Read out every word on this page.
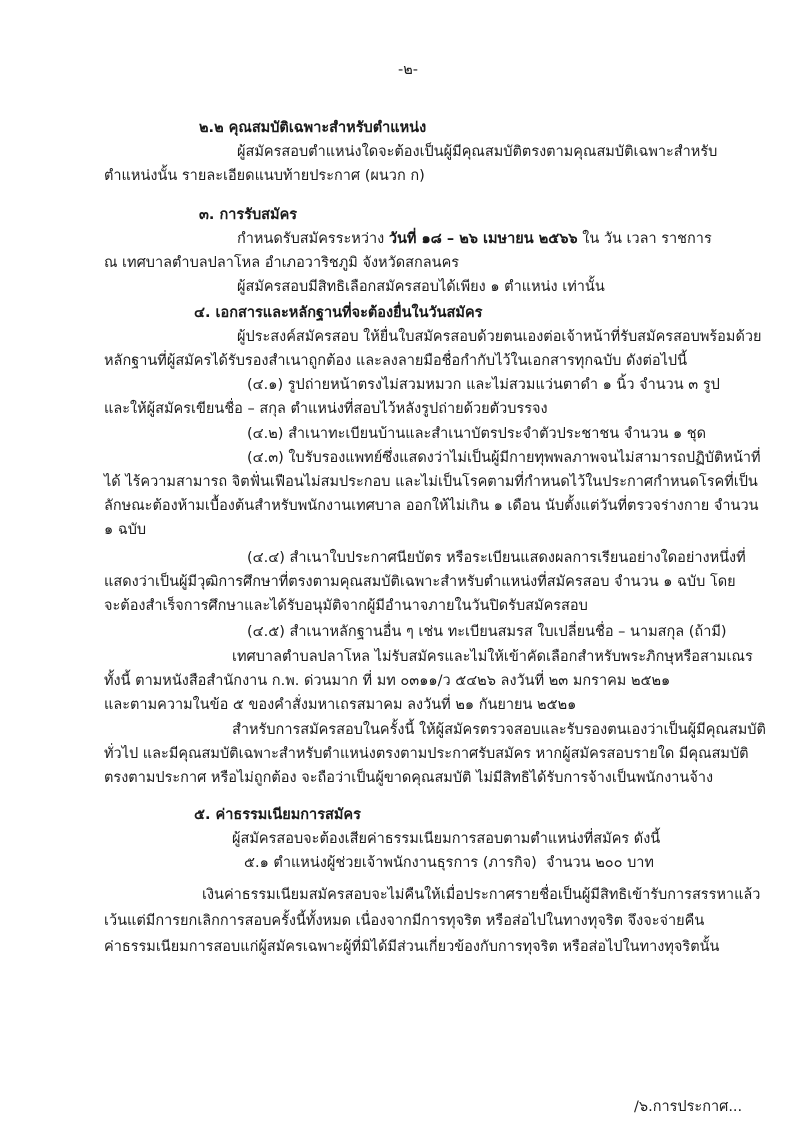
-๒-
๒.๒ คุณสมบัติเฉพาะสำหรับตำแหน่ง
ผู้สมัครสอบตำแหน่งใดจะต้องเป็นผู้มีคุณสมบัติตรงตามคุณสมบัติเฉพาะสำหรับ
ตำแหน่งนั้น รายละเอียดแนบท้ายประกาศ (ผนวก ก)
๓. การรับสมัคร
กำหนดรับสมัครระหว่าง วันที่ ๑๘ – ๒๖ เมษายน ๒๕๖๖ ใน วัน เวลา ราชการ
ณ เทศบาลตำบลปลาโหล อำเภอวาริชภูมิ จังหวัดสกลนคร
ผู้สมัครสอบมีสิทธิเลือกสมัครสอบได้เพียง ๑ ตำแหน่ง เท่านั้น
๔. เอกสารและหลักฐานที่จะต้องยื่นในวันสมัคร
ผู้ประสงค์สมัครสอบ ให้ยื่นใบสมัครสอบด้วยตนเองต่อเจ้าหน้าที่รับสมัครสอบพร้อมด้วย
หลักฐานที่ผู้สมัครได้รับรองสำเนาถูกต้อง และลงลายมือชื่อกำกับไว้ในเอกสารทุกฉบับ ดังต่อไปนี้
(๔.๑) รูปถ่ายหน้าตรงไม่สวมหมวก และไม่สวมแว่นตาดำ ๑ นิ้ว จำนวน ๓ รูป
และให้ผู้สมัครเขียนชื่อ – สกุล ตำแหน่งที่สอบไว้หลังรูปถ่ายด้วยตัวบรรจง
(๔.๒) สำเนาทะเบียนบ้านและสำเนาบัตรประจำตัวประชาชน จำนวน ๑ ชุด
(๔.๓) ใบรับรองแพทย์ซึ่งแสดงว่าไม่เป็นผู้มีกายทุพพลภาพจนไม่สามารถปฏิบัติหน้าที่
ได้ ไร้ความสามารถ จิตฟั่นเฟือนไม่สมประกอบ และไม่เป็นโรคตามที่กำหนดไว้ในประกาศกำหนดโรคที่เป็น
ลักษณะต้องห้ามเบื้องต้นสำหรับพนักงานเทศบาล ออกให้ไม่เกิน ๑ เดือน นับตั้งแต่วันที่ตรวจร่างกาย จำนวน
๑ ฉบับ
(๔.๔) สำเนาใบประกาศนียบัตร หรือระเบียนแสดงผลการเรียนอย่างใดอย่างหนึ่งที่
แสดงว่าเป็นผู้มีวุฒิการศึกษาที่ตรงตามคุณสมบัติเฉพาะสำหรับตำแหน่งที่สมัครสอบ จำนวน ๑ ฉบับ โดย
จะต้องสำเร็จการศึกษาและได้รับอนุมัติจากผู้มีอำนาจภายในวันปิดรับสมัครสอบ
(๔.๕) สำเนาหลักฐานอื่น ๆ เช่น ทะเบียนสมรส ใบเปลี่ยนชื่อ – นามสกุล (ถ้ามี)
เทศบาลตำบลปลาโหล ไม่รับสมัครและไม่ให้เข้าคัดเลือกสำหรับพระภิกษุหรือสามเณร
ทั้งนี้ ตามหนังสือสำนักงาน ก.พ. ด่วนมาก ที่ มท ๐๓๑๑/ว ๕๔๒๖ ลงวันที่ ๒๓ มกราคม ๒๕๒๑
และตามความในข้อ ๕ ของคำสั่งมหาเถรสมาคม ลงวันที่ ๒๑ กันยายน ๒๕๒๑
สำหรับการสมัครสอบในครั้งนี้ ให้ผู้สมัครตรวจสอบและรับรองตนเองว่าเป็นผู้มีคุณสมบัติ
ทั่วไป และมีคุณสมบัติเฉพาะสำหรับตำแหน่งตรงตามประกาศรับสมัคร หากผู้สมัครสอบรายใด มีคุณสมบัติ
ตรงตามประกาศ หรือไม่ถูกต้อง จะถือว่าเป็นผู้ขาดคุณสมบัติ ไม่มีสิทธิได้รับการจ้างเป็นพนักงานจ้าง
๕. ค่าธรรมเนียมการสมัคร
ผู้สมัครสอบจะต้องเสียค่าธรรมเนียมการสอบตามตำแหน่งที่สมัคร ดังนี้
๕.๑ ตำแหน่งผู้ช่วยเจ้าพนักงานธุรการ (ภารกิจ) จำนวน ๒๐๐ บาท
เงินค่าธรรมเนียมสมัครสอบจะไม่คืนให้เมื่อประกาศรายชื่อเป็นผู้มีสิทธิเข้ารับการสรรหาแล้ว
เว้นแต่มีการยกเลิกการสอบครั้งนี้ทั้งหมด เนื่องจากมีการทุจริต หรือส่อไปในทางทุจริต จึงจะจ่ายคืน
ค่าธรรมเนียมการสอบแก่ผู้สมัครเฉพาะผู้ที่มิได้มีส่วนเกี่ยวข้องกับการทุจริต หรือส่อไปในทางทุจริตนั้น
/๖.การประกาศ...
